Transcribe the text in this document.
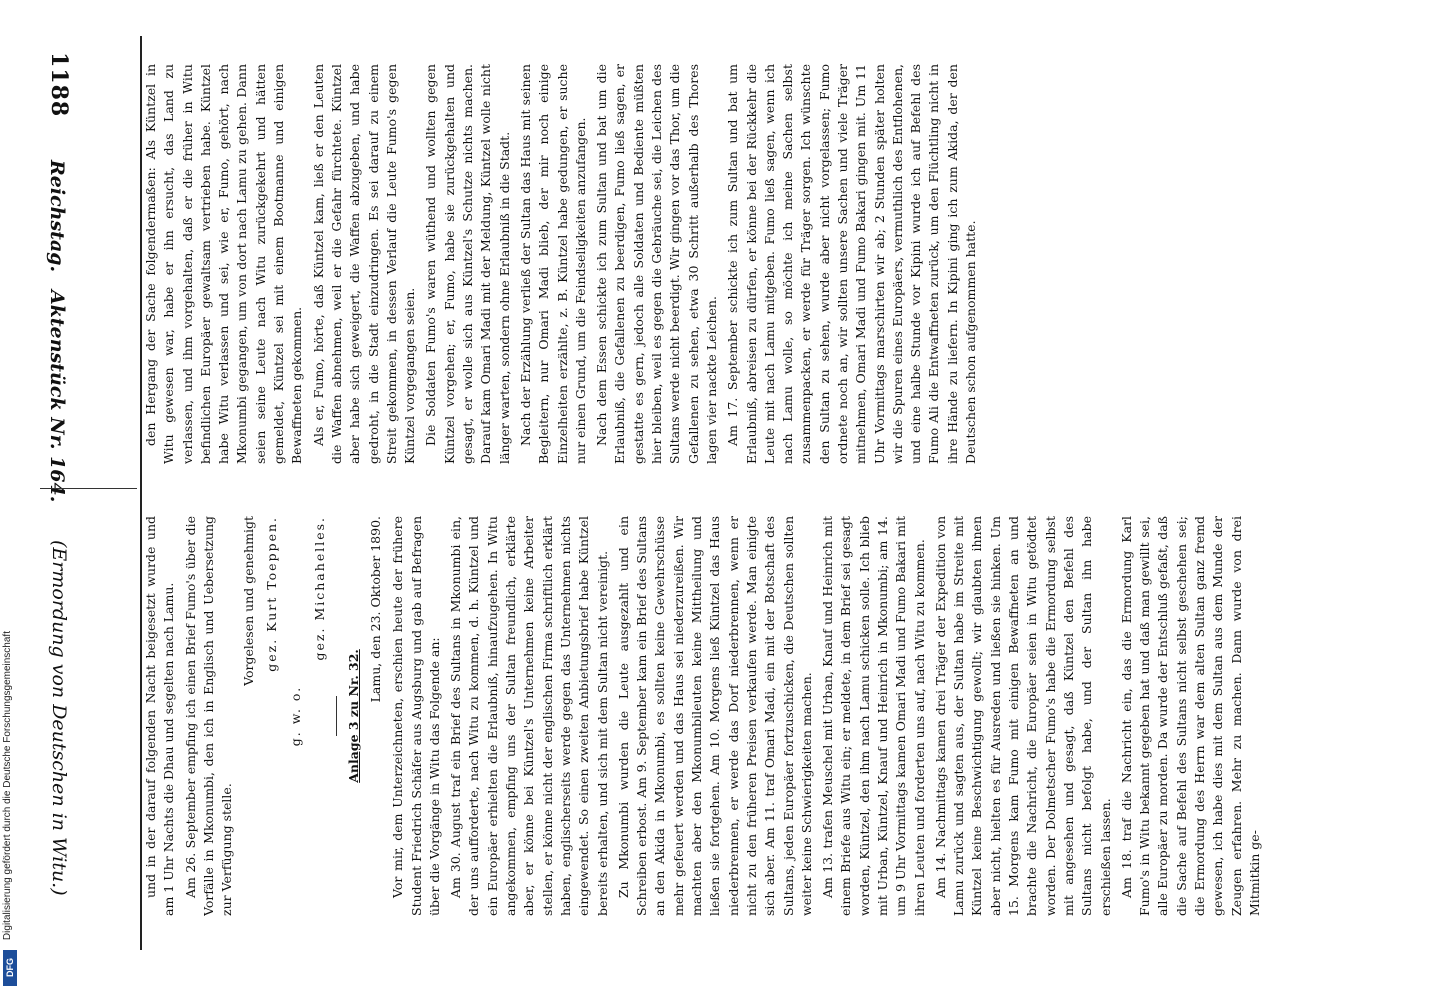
1188
Reichstag.
Aktenstück Nr. 164.
(Ermordung von Deutschen in Witu.)

den Hergang der Sache folgendermaßen: Als Küntzel in Witu gewesen war, habe er ihn ersucht, das Land zu verlassen, und ihm vorgehalten, daß er die früher in Witu befindlichen Europäer gewaltsam vertrieben habe. Küntzel habe Witu verlassen und sei, wie er, Fumo, gehört, nach Mkonumbi gegangen, um von dort nach Lamu zu gehen. Dann seien seine Leute nach Witu zurückgekehrt und hätten gemeldet, Küntzel sei mit einem Bootmanne und einigen Bewaffneten gekommen. Als er, Fumo, hörte, daß Küntzel kam, ließ er den Leuten die Waffen abnehmen, weil er die Gefahr fürchtete. Küntzel aber habe sich geweigert, die Waffen abzugeben, und habe gedroht, in die Stadt einzudringen. Es sei darauf zu einem Streit gekommen, in dessen Verlauf die Leute Fumo's gegen Küntzel vorgegangen seien. Die Soldaten Fumo's waren wüthend und wollten gegen Küntzel vorgehen; er, Fumo, habe sie zurückgehalten und gesagt, er wolle sich aus Küntzel's Schutze nichts machen. Darauf kam Omari Madi mit der Meldung, Küntzel wolle nicht länger warten, sondern ohne Erlaubniß in die Stadt. Nach der Erzählung verließ der Sultan das Haus mit seinen Begleitern, nur Omari Madi blieb, der mir noch einige Einzelheiten erzählte, z. B. Küntzel habe gedungen, er suche nur einen Grund, um die Feindseligkeiten anzufangen. Nach dem Essen schickte ich zum Sultan und bat um die Erlaubniß, die Gefallenen zu beerdigen, Fumo ließ sagen, er gestatte es gern, jedoch alle Soldaten und Bediente müßten hier bleiben, weil es gegen die Gebräuche sei, die Leichen des Sultans werde nicht beerdigt. Wir gingen vor das Thor, um die Gefallenen zu sehen, etwa 30 Schritt außerhalb des Thores lagen vier nackte Leichen. Am 17. September schickte ich zum Sultan und bat um Erlaubniß, abreisen zu dürfen, er könne bei der Rückkehr die Leute mit nach Lamu mitgeben. Fumo ließ sagen, wenn ich nach Lamu wolle, so möchte ich meine Sachen selbst zusammenpacken, er werde für Träger sorgen. Ich wünschte den Sultan zu sehen, wurde aber nicht vorgelassen; Fumo ordnete noch an, wir sollten unsere Sachen und viele Träger mitnehmen, Omari Madi und Fumo Bakari gingen mit. Um 11 Uhr Vormittags marschirten wir ab; 2 Stunden später holten wir die Spuren eines Europäers, vermuthlich des Entflohenen, und eine halbe Stunde vor Kipini wurde ich auf Befehl des Fumo Ali die Entwaffneten zurück, um den Flüchtling nicht in ihre Hände zu liefern. In Kipini ging ich zum Akida, der den Deutschen schon aufgenommen hatte.

und in der darauf folgenden Nacht beigesetzt wurde und am 1 Uhr Nachts die Dhau und segelten nach Lamu. Am 26. September empfing ich einen Brief Fumo's über die Vorfälle in Mkonumbi, den ich in Englisch und Uebersetzung zur Verfügung stelle.

Vorgelesen und genehmigt gez. Kurt Toeppen.

g. w. o.

gez. Michahelles.

Anlage 3 zu Nr. 32.

Lamu, den 23. Oktober 1890. Vor mir, dem Unterzeichneten, erschien heute der frühere Student Friedrich Schäfer aus Augsburg und gab auf Befragen über die Vorgänge in Witu das Folgende an: Am 30. August traf ein Brief des Sultans in Mkonumbi ein, der uns aufforderte, nach Witu zu kommen, d. h. Küntzel und ein Europäer erhielten die Erlaubniß, hinaufzugehen. In Witu angekommen, empfing uns der Sultan freundlich, erklärte aber, er könne bei Küntzel's Unternehmen keine Arbeiter stellen, er könne nicht der englischen Firma schriftlich erklärt haben, englischerseits werde gegen das Unternehmen nichts eingewendet. So einen zweiten Anbietungsbrief habe Küntzel bereits erhalten, und sich mit dem Sultan nicht vereinigt. Zu Mkonumbi wurden die Leute ausgezahlt und ein Schreiben erbost. Am 9. September kam ein Brief des Sultans an den Akida in Mkonumbi, es sollten keine Gewehrschüsse mehr gefeuert werden und das Haus sei niederzureißen. Wir machten aber den Mkonumbileuten keine Mittheilung und ließen sie fortgehen. Am 10. Morgens ließ Küntzel das Haus niederbrennen, er werde das Dorf niederbrennen, wenn er nicht zu den früheren Preisen verkaufen werde. Man einigte sich aber. Am 11. traf Omari Madi, ein mit der Botschaft des Sultans, jeden Europäer fortzuschicken, die Deutschen sollten weiter keine Schwierigkeiten machen. Am 13. trafen Meuschel mit Urban, Knauf und Heinrich mit einem Briefe aus Witu ein; er meldete, in dem Brief sei gesagt worden, Küntzel, den ihm nach Lamu schicken solle. Ich blieb mit Urban, Küntzel, Knauf und Heinrich in Mkonumbi; am 14. um 9 Uhr Vormittags kamen Omari Madi und Fumo Bakari mit ihren Leuten und forderten uns auf, nach Witu zu kommen. Am 14. Nachmittags kamen drei Träger der Expedition von Lamu zurück und sagten aus, der Sultan habe im Streite mit Küntzel keine Beschwichtigung gewollt; wir glaubten ihnen aber nicht, hielten es für Ausreden und ließen sie hinken. Um 15. Morgens kam Fumo mit einigen Bewaffneten an und brachte die Nachricht, die Europäer seien in Witu getödtet worden. Der Dolmetscher Fumo's habe die Ermordung selbst mit angesehen und gesagt, daß Küntzel den Befehl des Sultans nicht befolgt habe, und der Sultan ihn habe erschießen lassen. Am 18. traf die Nachricht ein, das die Ermordung Karl Fumo's in Witu bekannt gegeben hat und daß man gewillt sei, alle Europäer zu morden. Da wurde der Entschluß gefaßt, daß die Sache auf Befehl des Sultans nicht selbst geschehen sei; die Ermordung des Herrn war dem alten Sultan ganz fremd gewesen, ich habe dies mit dem Sultan aus dem Munde der Zeugen erfahren. Mehr zu machen. Dann wurde von drei Mitmitkin ge-

Digitalisierung gefördert durch die Deutsche Forschungsgemeinschaft
DFG
